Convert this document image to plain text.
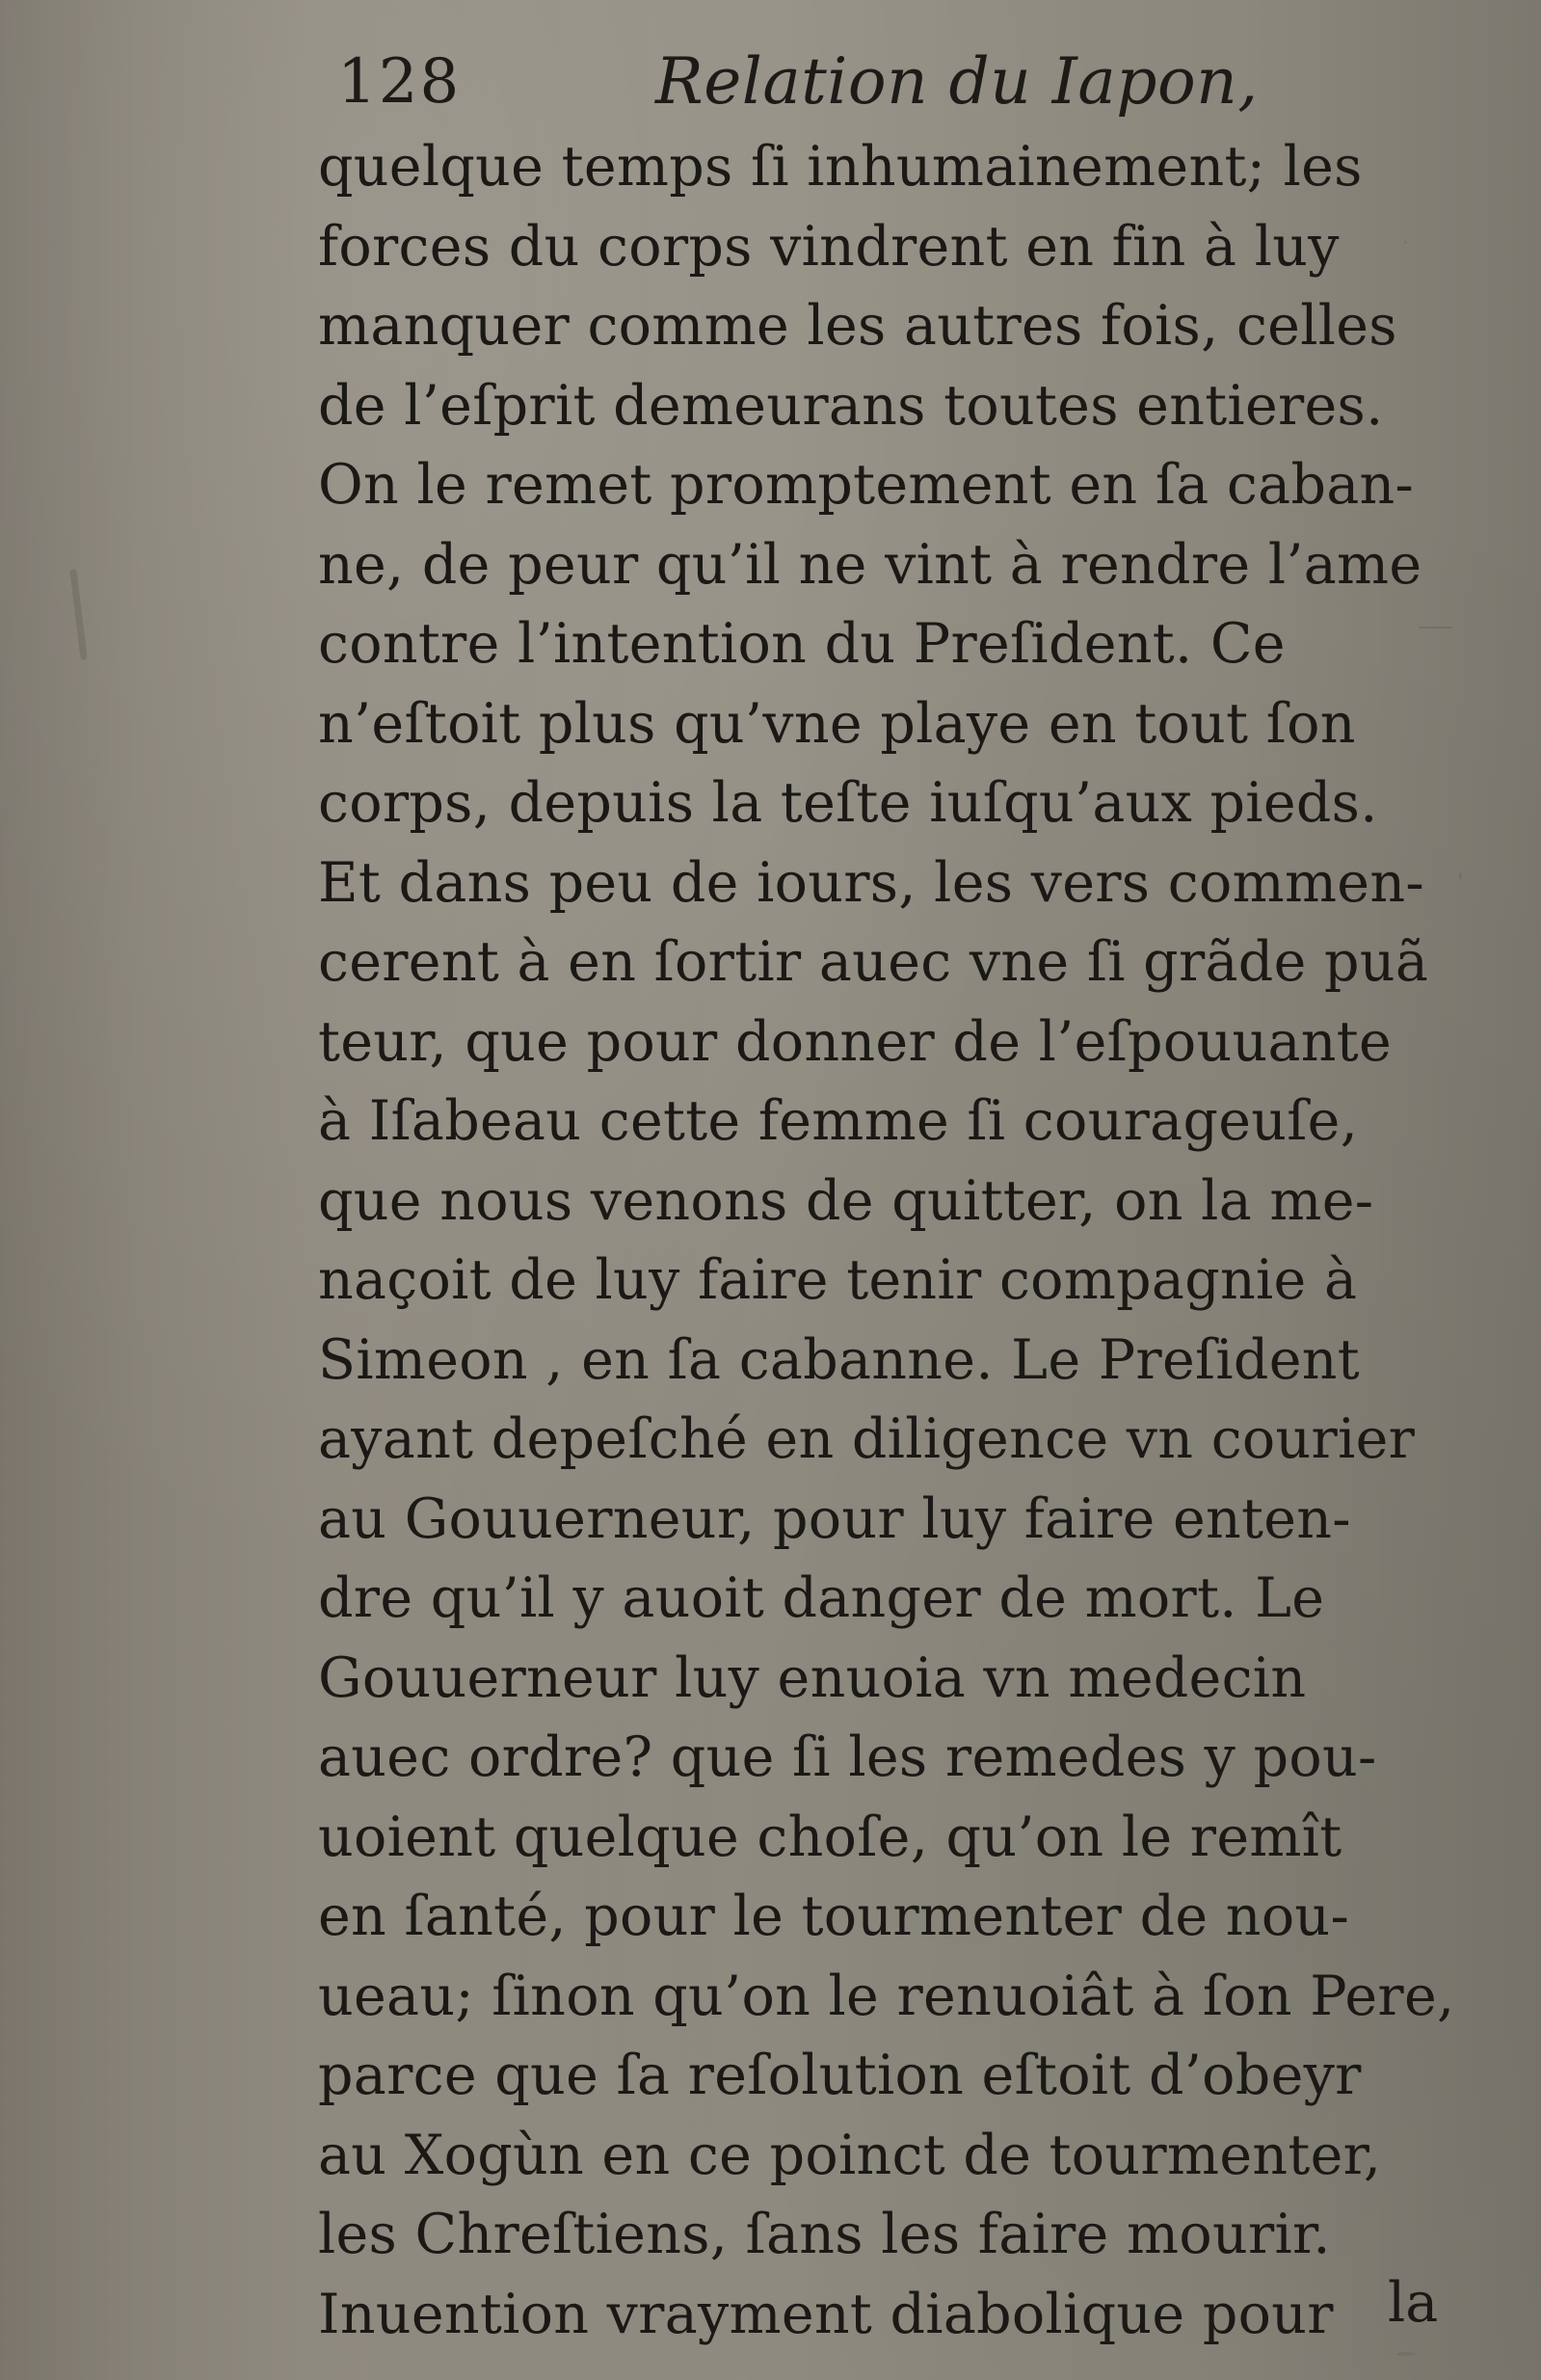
128	Relation du Iapon,
quelque temps ſi inhumainement; les
forces du corps vindrent en fin à luy
manquer comme les autres fois, celles
de l’eſprit demeurans toutes entieres.
On le remet promptement en ſa caban-
ne, de peur qu’il ne vint à rendre l’ame
contre l’intention du Preſident. Ce
n’eſtoit plus qu’vne playe en tout ſon
corps, depuis la teſte iuſqu’aux pieds.
Et dans peu de iours, les vers commen-
cerent à en ſortir auec vne ſi grãde puã
teur, que pour donner de l’eſpouuante
à Iſabeau cette femme ſi courageuſe,
que nous venons de quitter, on la me-
naçoit de luy faire tenir compagnie à
Simeon , en ſa cabanne. Le Preſident
ayant depeſché en diligence vn courier
au Gouuerneur, pour luy faire enten-
dre qu’il y auoit danger de mort. Le
Gouuerneur luy enuoia vn medecin
auec ordre? que ſi les remedes y pou-
uoient quelque choſe, qu’on le remît
en ſanté, pour le tourmenter de nou-
ueau; ſinon qu’on le renuoiât à ſon Pere,
parce que ſa reſolution eſtoit d’obeyr
au Xogùn en ce poinct de tourmenter,
les Chreſtiens, ſans les faire mourir.
Inuention vrayment diabolique pour la
